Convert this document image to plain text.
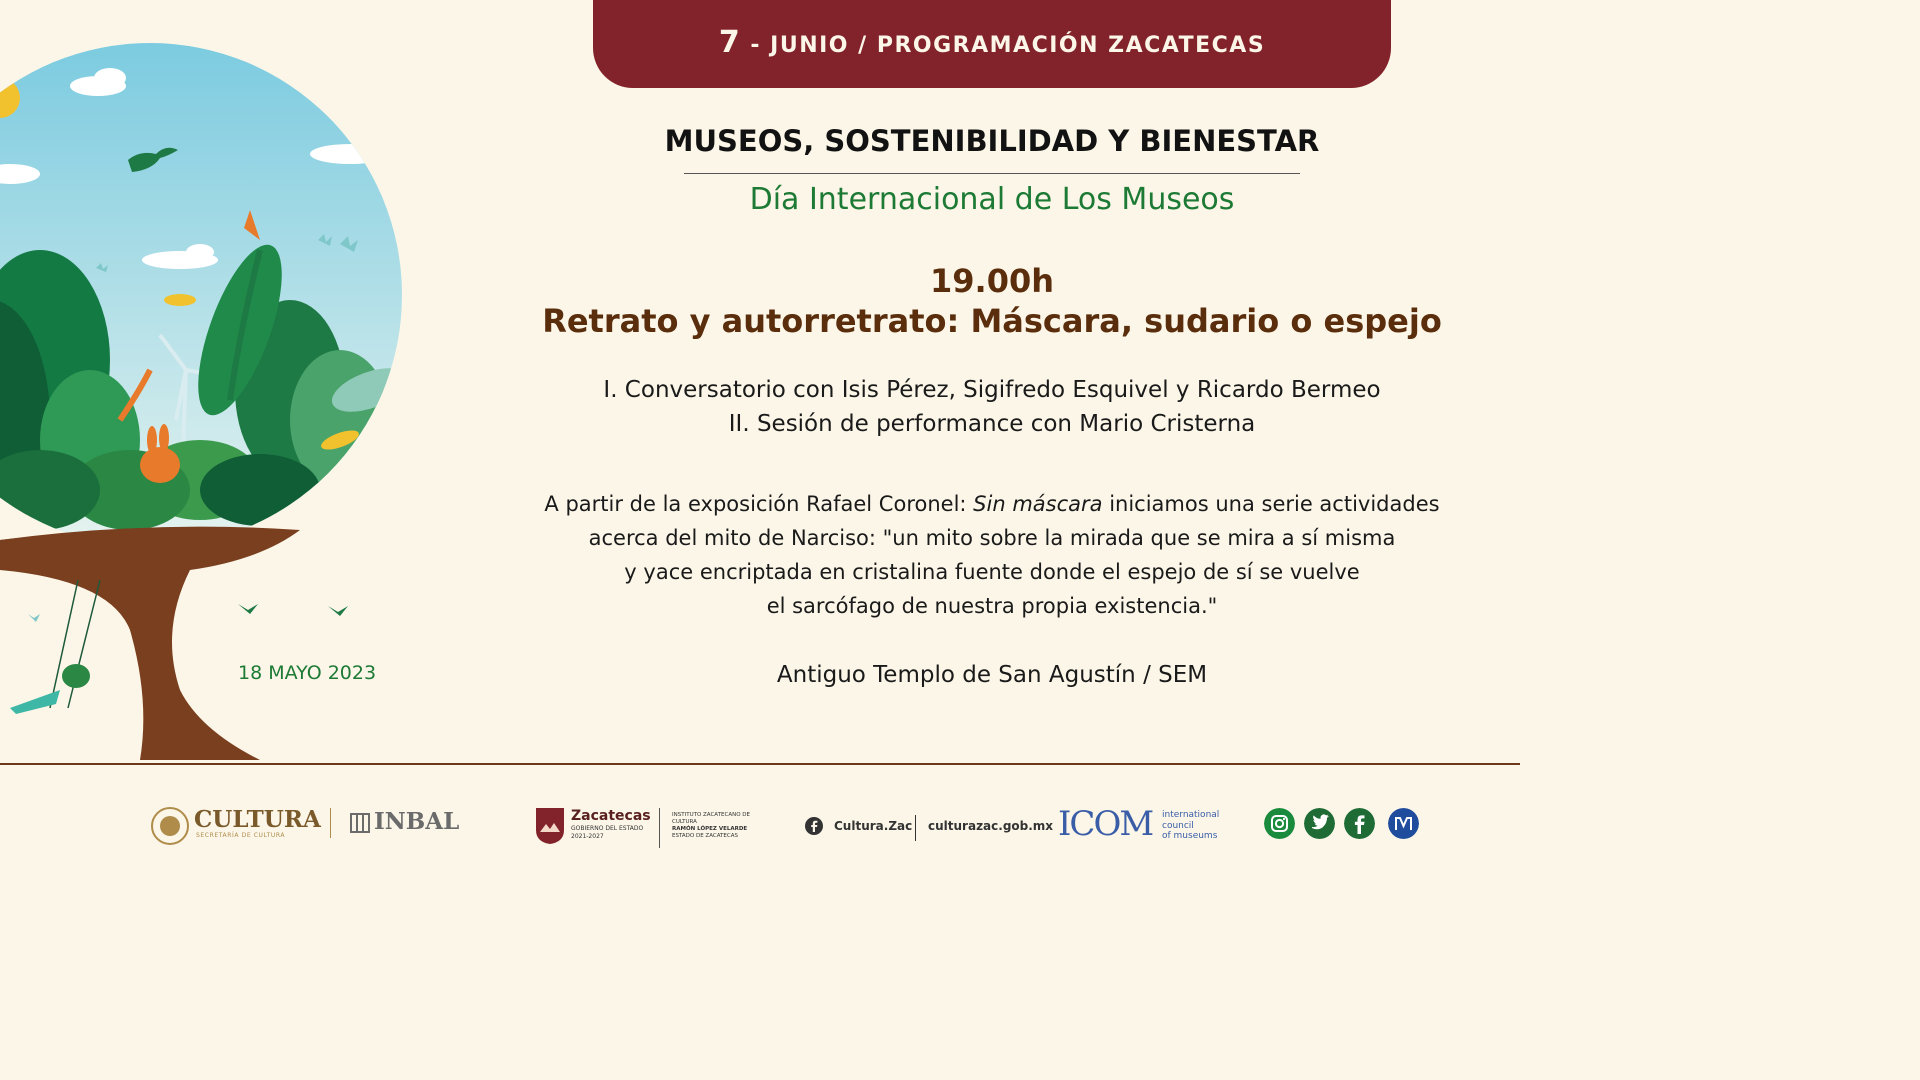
18 MAYO 2023
7 - JUNIO / PROGRAMACIÓN ZACATECAS
MUSEOS, SOSTENIBILIDAD Y BIENESTAR
Día Internacional de Los Museos
19.00h
Retrato y autorretrato: Máscara, sudario o espejo
I. Conversatorio con Isis Pérez, Sigifredo Esquivel y Ricardo Bermeo
II. Sesión de performance con Mario Cristerna
A partir de la exposición Rafael Coronel: Sin máscara iniciamos una serie actividades
acerca del mito de Narciso: "un mito sobre la mirada que se mira a sí misma
y yace encriptada en cristalina fuente donde el espejo de sí se vuelve
el sarcófago de nuestra propia existencia."
Antiguo Templo de San Agustín / SEM
CULTURA
SECRETARÍA DE CULTURA
INBAL	Zacatecas
GOBIERNO DEL ESTADO
2021-2027
INSTITUTO ZACATECANO DE
CULTURA
RAMÓN LÓPEZ VELARDE
ESTADO DE ZACATECAS
Cultura.Zac culturazac.gob.mx ICOM international
council
of museums
